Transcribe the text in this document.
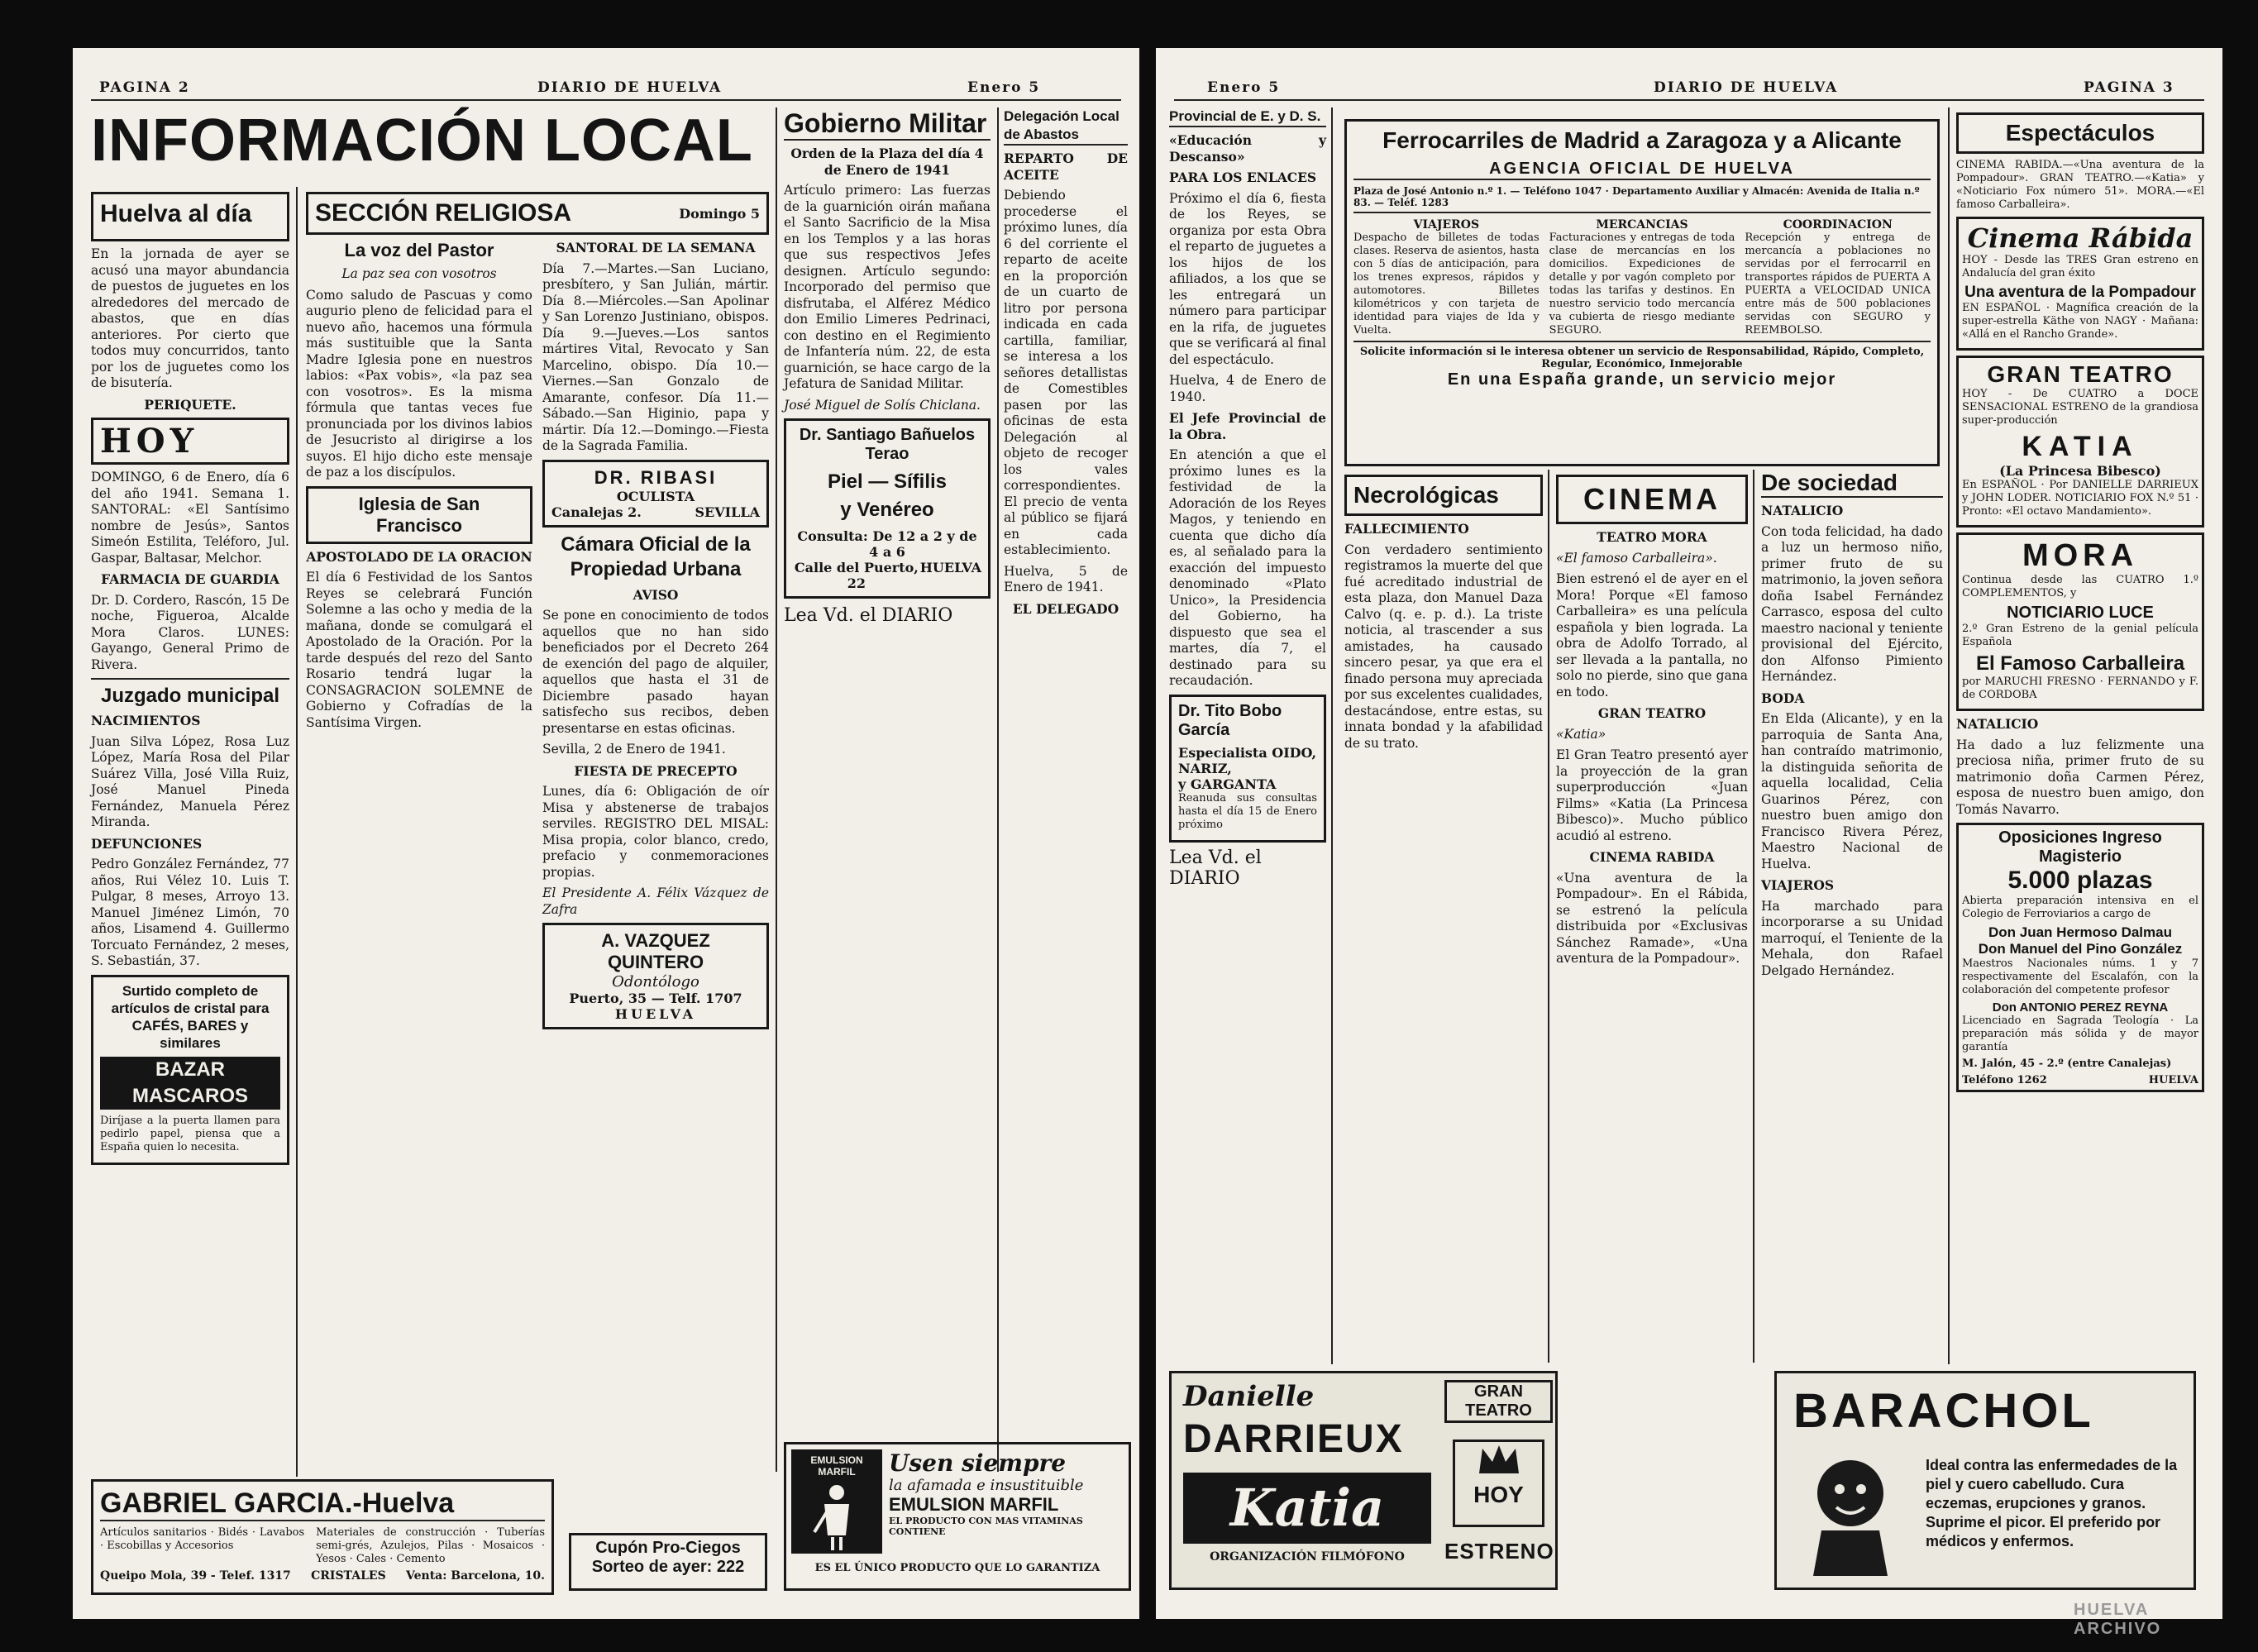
PAGINA 2	DIARIO DE HUELVA	Enero 5
INFORMACIÓN LOCAL
Huelva al día

En la jornada de ayer se acusó una mayor abundancia de puestos de juguetes en los alrededores del mercado de abastos, que en días anteriores. Por cierto que todos muy concurridos, tanto por los de juguetes como los de bisutería.

PERIQUETE.

HOY

DOMINGO, 6 de Enero, día 6 del año 1941. Semana 1. SANTORAL: «El Santísimo nombre de Jesús», Santos Simeón Estilita, Teléforo, Jul. Gaspar, Baltasar, Melchor.

FARMACIA DE GUARDIA

Dr. D. Cordero, Rascón, 15 De noche, Figueroa, Alcalde Mora Claros. LUNES: Gayango, General Primo de Rivera.

Juzgado municipal

NACIMIENTOS

Juan Silva López, Rosa Luz López, María Rosa del Pilar Suárez Villa, José Villa Ruiz, José Manuel Pineda Fernández, Manuela Pérez Miranda.

DEFUNCIONES

Pedro González Fernández, 77 años, Rui Vélez 10. Luis T. Pulgar, 8 meses, Arroyo 13. Manuel Jiménez Limón, 70 años, Lisamend 4. Guillermo Torcuato Fernández, 2 meses, S. Sebastián, 37.

Surtido completo de artículos de cristal para CAFÉS, BARES y similares
BAZAR MASCAROS
Diríjase a la puerta llamen para pedirlo papel, piensa que a España quien lo necesita.
SECCIÓN RELIGIOSA	Domingo 5
La voz del Pastor

La paz sea con vosotros

Como saludo de Pascuas y como augurio pleno de felicidad para el nuevo año, hacemos una fórmula más sustituible que la Santa Madre Iglesia pone en nuestros labios: «Pax vobis», «la paz sea con vosotros». Es la misma fórmula que tantas veces fue pronunciada por los divinos labios de Jesucristo al dirigirse a los suyos. El hijo dicho este mensaje de paz a los discípulos.

Iglesia de San Francisco

APOSTOLADO DE LA ORACION

El día 6 Festividad de los Santos Reyes se celebrará Función Solemne a las ocho y media de la mañana, donde se comulgará el Apostolado de la Oración. Por la tarde después del rezo del Santo Rosario tendrá lugar la CONSAGRACION SOLEMNE de Gobierno y Cofradías de la Santísima Virgen.

SANTORAL DE LA SEMANA

Día 7.—Martes.—San Luciano, presbítero, y San Julián, mártir. Día 8.—Miércoles.—San Apolinar y San Lorenzo Justiniano, obispos. Día 9.—Jueves.—Los santos mártires Vital, Revocato y San Marcelino, obispo. Día 10.—Viernes.—San Gonzalo de Amarante, confesor. Día 11.—Sábado.—San Higinio, papa y mártir. Día 12.—Domingo.—Fiesta de la Sagrada Familia.

DR. RIBASI
OCULISTA
Canalejas 2.	SEVILLA
Cámara Oficial de la Propiedad Urbana

AVISO

Se pone en conocimiento de todos aquellos que no han sido beneficiados por el Decreto 264 de exención del pago de alquiler, aquellos que hasta el 31 de Diciembre pasado hayan satisfecho sus recibos, deben presentarse en estas oficinas.

Sevilla, 2 de Enero de 1941.

FIESTA DE PRECEPTO

Lunes, día 6: Obligación de oír Misa y abstenerse de trabajos serviles. REGISTRO DEL MISAL: Misa propia, color blanco, credo, prefacio y conmemoraciones propias.

El Presidente A. Félix Vázquez de Zafra

A. VAZQUEZ QUINTERO
Odontólogo
Puerto, 35 — Telf. 1707
HUELVA
Gobierno Militar

Orden de la Plaza del día 4 de Enero de 1941

Artículo primero: Las fuerzas de la guarnición oirán mañana el Santo Sacrificio de la Misa en los Templos y a las horas que sus respectivos Jefes designen. Artículo segundo: Incorporado del permiso que disfrutaba, el Alférez Médico don Emilio Limeres Pedrinaci, con destino en el Regimiento de Infantería núm. 22, de esta guarnición, se hace cargo de la Jefatura de Sanidad Militar.

José Miguel de Solís Chiclana.

Dr. Santiago Bañuelos Terao
Piel — Sífilis
y Venéreo
Consulta: De 12 a 2 y de 4 a 6
Calle del Puerto, 22
HUELVA
Lea Vd. el DIARIO
Delegación Local de Abastos

REPARTO DE ACEITE

Debiendo procederse el próximo lunes, día 6 del corriente el reparto de aceite en la proporción de un cuarto de litro por persona indicada en cada cartilla, familiar, se interesa a los señores detallistas de Comestibles pasen por las oficinas de esta Delegación al objeto de recoger los vales correspondientes. El precio de venta al público se fijará en cada establecimiento.

Huelva, 5 de Enero de 1941.

EL DELEGADO

GABRIEL GARCIA.-Huelva
Artículos sanitarios · Bidés · Lavabos · Escobillas y Accesorios
Materiales de construcción · Tuberías semi-grés, Azulejos, Pilas · Mosaicos · Yesos · Cales · Cemento
Queipo Mola, 39 - Telef. 1317 CRISTALES Venta: Barcelona, 10.
Cupón Pro-Ciegos
Sorteo de ayer: 222
EMULSION MARFIL	Usen siempre
la afamada e insustituible
EMULSION MARFIL
EL PRODUCTO CON MAS VITAMINAS CONTIENE
ES EL ÚNICO PRODUCTO QUE LO GARANTIZA
Enero 5	DIARIO DE HUELVA	PAGINA 3
Provincial de E. y D. S.

«Educación y Descanso»

PARA LOS ENLACES

Próximo el día 6, fiesta de los Reyes, se organiza por esta Obra el reparto de juguetes a los hijos de los afiliados, a los que se les entregará un número para participar en la rifa, de juguetes que se verificará al final del espectáculo.

Huelva, 4 de Enero de 1940.

El Jefe Provincial de la Obra.

En atención a que el próximo lunes es la festividad de la Adoración de los Reyes Magos, y teniendo en cuenta que dicho día es, al señalado para la exacción del impuesto denominado «Plato Unico», la Presidencia del Gobierno, ha dispuesto que sea el martes, día 7, el destinado para su recaudación.

Dr. Tito Bobo García
Especialista OIDO, NARIZ,
y GARGANTA
Reanuda sus consultas hasta el día 15 de Enero próximo
Lea Vd. el DIARIO
Ferrocarriles de Madrid a Zaragoza y a Alicante
AGENCIA OFICIAL DE HUELVA
Plaza de José Antonio n.º 1. — Teléfono 1047 · Departamento Auxiliar y Almacén: Avenida de Italia n.º 83. — Teléf. 1283
VIAJEROS
Despacho de billetes de todas clases. Reserva de asientos, hasta con 5 días de anticipación, para los trenes expresos, rápidos y automotores. Billetes kilométricos y con tarjeta de identidad para viajes de Ida y Vuelta.
MERCANCIAS
Facturaciones y entregas de toda clase de mercancías en los domicilios. Expediciones de detalle y por vagón completo por todas las tarifas y destinos. En nuestro servicio todo mercancía va cubierta de riesgo mediante SEGURO.
COORDINACION
Recepción y entrega de mercancía a poblaciones no servidas por el ferrocarril en transportes rápidos de PUERTA A PUERTA a VELOCIDAD UNICA entre más de 500 poblaciones servidas con SEGURO y REEMBOLSO.
Solicite información si le interesa obtener un servicio de Responsabilidad, Rápido, Completo, Regular, Económico, Inmejorable
En una España grande, un servicio mejor
Necrológicas

FALLECIMIENTO

Con verdadero sentimiento registramos la muerte del que fué acreditado industrial de esta plaza, don Manuel Daza Calvo (q. e. p. d.). La triste noticia, al trascender a sus amistades, ha causado sincero pesar, ya que era el finado persona muy apreciada por sus excelentes cualidades, destacándose, entre estas, su innata bondad y la afabilidad de su trato.

CINEMA

TEATRO MORA

«El famoso Carballeira».

Bien estrenó el de ayer en el Mora! Porque «El famoso Carballeira» es una película española y bien lograda. La obra de Adolfo Torrado, al ser llevada a la pantalla, no solo no pierde, sino que gana en todo.

GRAN TEATRO

«Katia»

El Gran Teatro presentó ayer la proyección de la gran superproducción «Juan Films» «Katia (La Princesa Bibesco)». Mucho público acudió al estreno.

CINEMA RABIDA

«Una aventura de la Pompadour». En el Rábida, se estrenó la película distribuida por «Exclusivas Sánchez Ramade», «Una aventura de la Pompadour».

De sociedad

NATALICIO

Con toda felicidad, ha dado a luz un hermoso niño, primer fruto de su matrimonio, la joven señora doña Isabel Fernández Carrasco, esposa del culto maestro nacional y teniente provisional del Ejército, don Alfonso Pimiento Hernández.

BODA

En Elda (Alicante), y en la parroquia de Santa Ana, han contraído matrimonio, la distinguida señorita de aquella localidad, Celia Guarinos Pérez, con nuestro buen amigo don Francisco Rivera Pérez, Maestro Nacional de Huelva.

VIAJEROS

Ha marchado para incorporarse a su Unidad marroquí, el Teniente de la Mehala, don Rafael Delgado Hernández.

Espectáculos

CINEMA RABIDA.—«Una aventura de la Pompadour». GRAN TEATRO.—«Katia» y «Noticiario Fox número 51». MORA.—«El famoso Carballeira».

Cinema Rábida
HOY - Desde las TRES Gran estreno en Andalucía del gran éxito
Una aventura de la Pompadour
EN ESPAÑOL · Magnífica creación de la super-estrella Käthe von NAGY · Mañana: «Allá en el Rancho Grande».
GRAN TEATRO
HOY - De CUATRO a DOCE SENSACIONAL ESTRENO de la grandiosa super-producción
KATIA
(La Princesa Bibesco)
En ESPAÑOL · Por DANIELLE DARRIEUX y JOHN LODER. NOTICIARIO FOX N.º 51 · Pronto: «El octavo Mandamiento».
MORA
Continua desde las CUATRO 1.º COMPLEMENTOS, y
NOTICIARIO LUCE
2.º Gran Estreno de la genial película Española
El Famoso Carballeira
por MARUCHI FRESNO · FERNANDO y F. de CORDOBA

NATALICIO

Ha dado a luz felizmente una preciosa niña, primer fruto de su matrimonio doña Carmen Pérez, esposa de nuestro buen amigo, don Tomás Navarro.

Oposiciones Ingreso Magisterio
5.000 plazas
Abierta preparación intensiva en el Colegio de Ferroviarios a cargo de
Don Juan Hermoso Dalmau
Don Manuel del Pino González
Maestros Nacionales núms. 1 y 7 respectivamente del Escalafón, con la colaboración del competente profesor
Don ANTONIO PEREZ REYNA
Licenciado en Sagrada Teología · La preparación más sólida y de mayor garantía
M. Jalón, 45 - 2.º (entre Canalejas)
Teléfono 1262	HUELVA
Danielle
DARRIEUX
Katia
ORGANIZACIÓN FILMÓFONO
GRAN TEATRO
HOY
ESTRENO
BARACHOL
Ideal contra las enfermedades de la piel y cuero cabelludo. Cura eczemas, erupciones y granos. Suprime el picor. El preferido por médicos y enfermos.
HUELVA ARCHIVO
